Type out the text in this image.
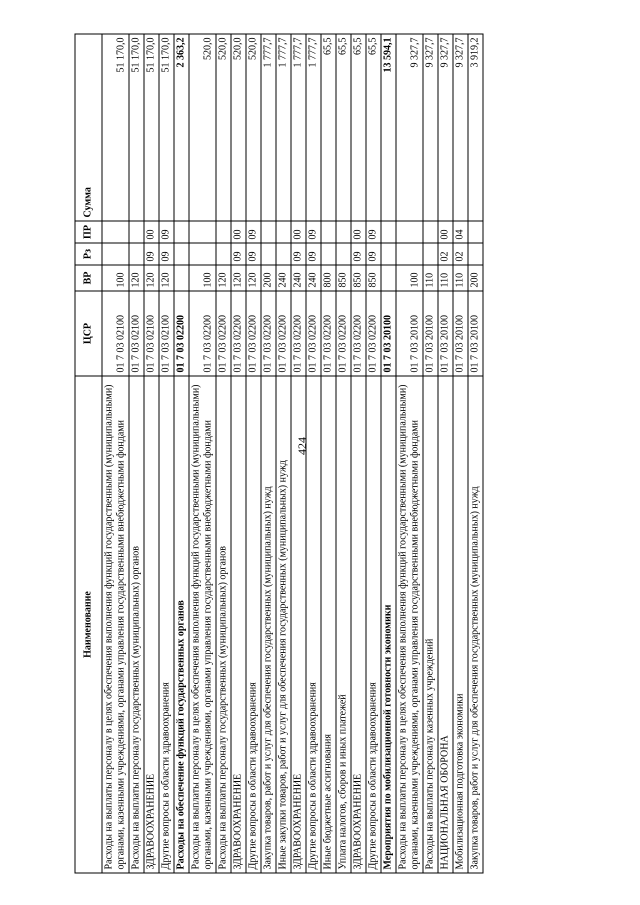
424
Наименование	ЦСР	ВР	Рз	ПР	Сумма
Расходы на выплаты персоналу в целях обеспечения выполнения функций государственными (муниципальными) органами, казенными учреждениями, органами управления государственными внебюджетными фондами	01 7 03 02100	100			51 170,0
Расходы на выплаты персоналу государственных (муниципальных) органов	01 7 03 02100	120			51 170,0
ЗДРАВООХРАНЕНИЕ	01 7 03 02100	120	09	00	51 170,0
Другие вопросы в области здравоохранения	01 7 03 02100	120	09	09	51 170,0
Расходы на обеспечение функций государственных органов	01 7 03 02200				2 363,2
Расходы на выплаты персоналу в целях обеспечения выполнения функций государственными (муниципальными) органами, казенными учреждениями, органами управления государственными внебюджетными фондами	01 7 03 02200	100			520,0
Расходы на выплаты персоналу государственных (муниципальных) органов	01 7 03 02200	120			520,0
ЗДРАВООХРАНЕНИЕ	01 7 03 02200	120	09	00	520,0
Другие вопросы в области здравоохранения	01 7 03 02200	120	09	09	520,0
Закупка товаров, работ и услуг для обеспечения государственных (муниципальных) нужд	01 7 03 02200	200			1 777,7
Иные закупки товаров, работ и услуг для обеспечения государственных (муниципальных) нужд	01 7 03 02200	240			1 777,7
ЗДРАВООХРАНЕНИЕ	01 7 03 02200	240	09	00	1 777,7
Другие вопросы в области здравоохранения	01 7 03 02200	240	09	09	1 777,7
Иные бюджетные ассигнования	01 7 03 02200	800			65,5
Уплата налогов, сборов и иных платежей	01 7 03 02200	850			65,5
ЗДРАВООХРАНЕНИЕ	01 7 03 02200	850	09	00	65,5
Другие вопросы в области здравоохранения	01 7 03 02200	850	09	09	65,5
Мероприятия по мобилизационной готовности экономики	01 7 03 20100				13 594,1
Расходы на выплаты персоналу в целях обеспечения выполнения функций государственными (муниципальными) органами, казенными учреждениями, органами управления государственными внебюджетными фондами	01 7 03 20100	100			9 327,7
Расходы на выплаты персоналу казенных учреждений	01 7 03 20100	110			9 327,7
НАЦИОНАЛЬНАЯ ОБОРОНА	01 7 03 20100	110	02	00	9 327,7
Мобилизационная подготовка экономики	01 7 03 20100	110	02	04	9 327,7
Закупка товаров, работ и услуг для обеспечения государственных (муниципальных) нужд	01 7 03 20100	200			3 919,2
